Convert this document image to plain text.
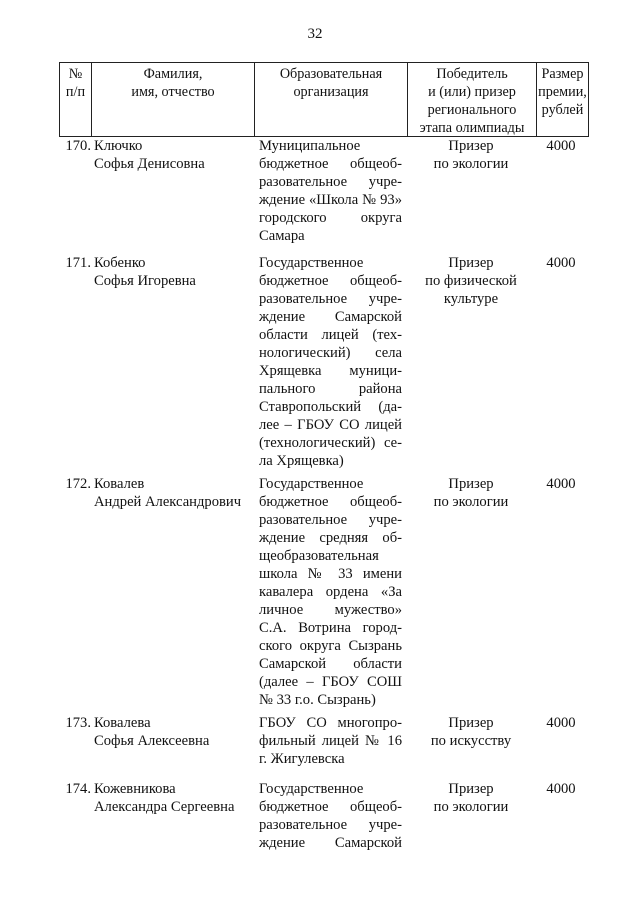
32
№
п/п
Фамилия,
имя, отчество
Образовательная
организация
Победитель
и (или) призер
регионального
этапа олимпиады
Размер
премии,
рублей
170. Ключко
Софья Денисовна
Муниципальное
бюджетное общеоб-
разовательное учре-
ждение «Школа № 93»
городского округа
Самара
Призер
по экологии
4000
171. Кобенко
Софья Игоревна
Государственное
бюджетное общеоб-
разовательное учре-
ждение Самарской
области лицей (тех-
нологический) села
Хрящевка муници-
пального района
Ставропольский (да-
лее – ГБОУ СО лицей
(технологический) се-
ла Хрящевка)
Призер
по физической
культуре
4000
172. Ковалев
Андрей Александрович
Государственное
бюджетное общеоб-
разовательное учре-
ждение средняя об-
щеобразовательная
школа № 33 имени
кавалера ордена «За
личное мужество»
С.А. Вотрина город-
ского округа Сызрань
Самарской области
(далее – ГБОУ СОШ
№ 33 г.о. Сызрань)
Призер
по экологии
4000
173. Ковалева
Софья Алексеевна
ГБОУ СО многопро-
фильный лицей № 16
г. Жигулевска
Призер
по искусству
4000
174. Кожевникова
Александра Сергеевна
Государственное
бюджетное общеоб-
разовательное учре-
ждение Самарской
Призер
по экологии
4000
